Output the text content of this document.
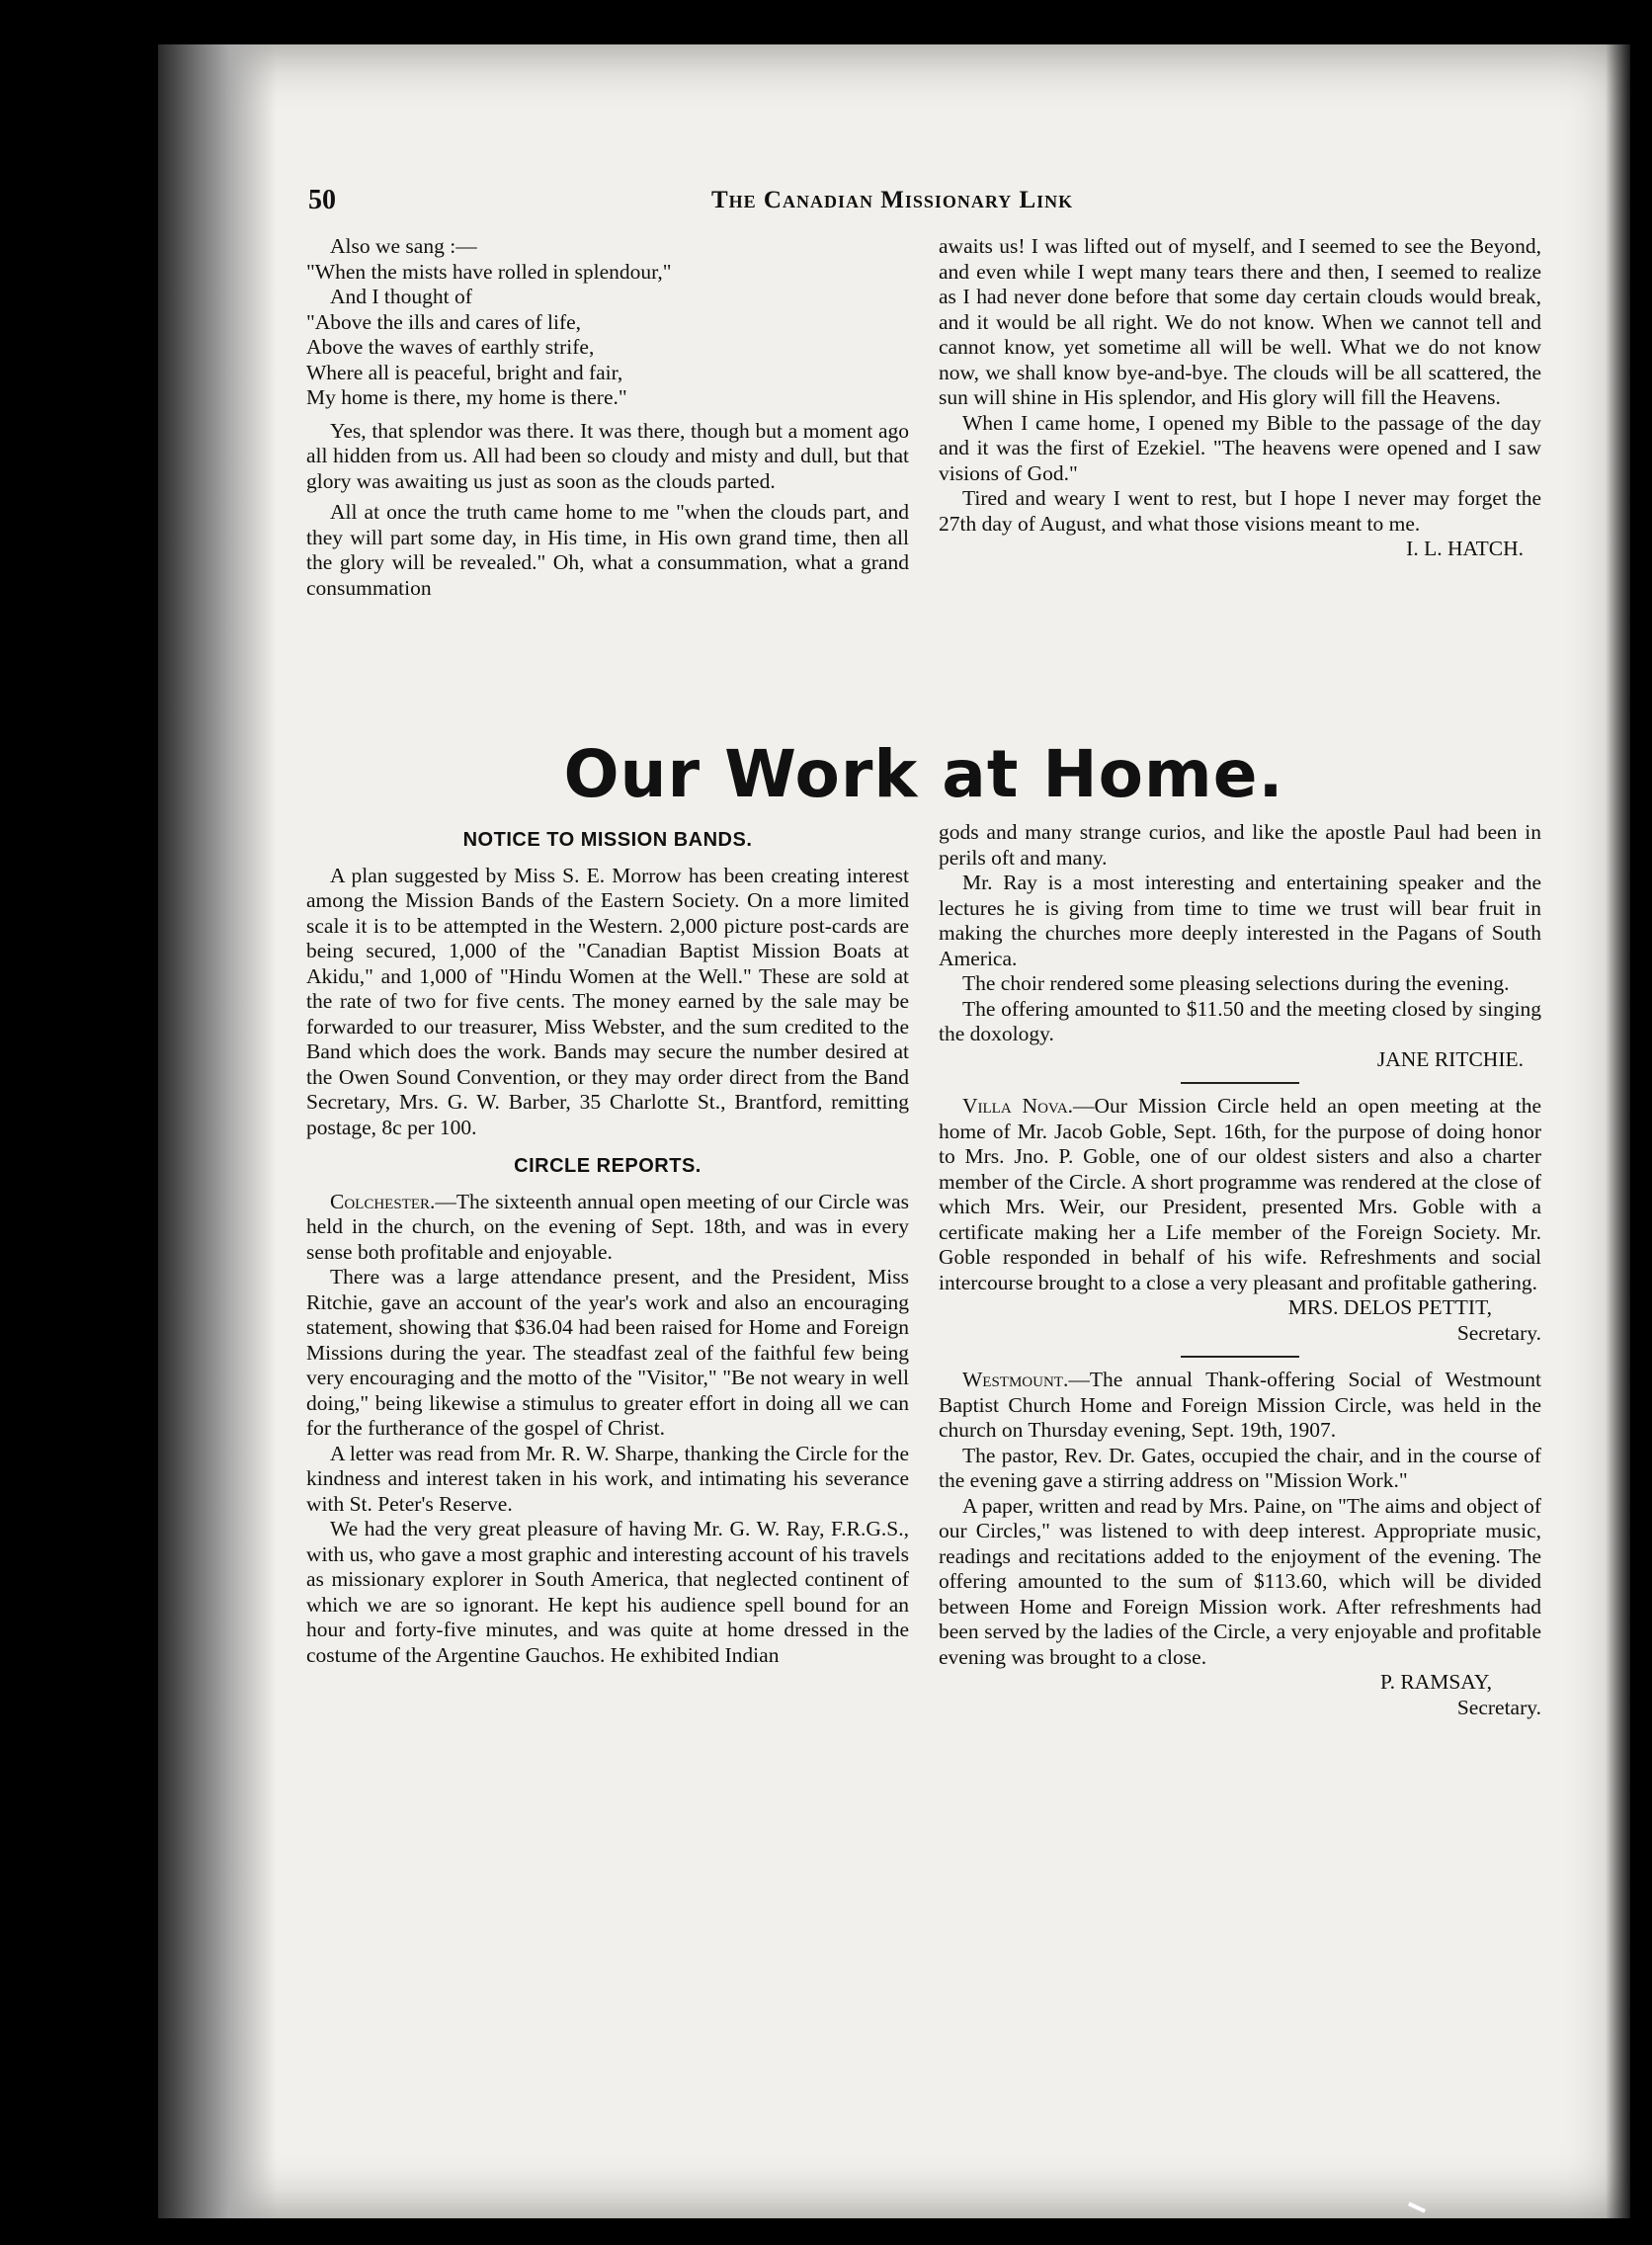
50	The Canadian Missionary Link

Also we sang :—

"When the mists have rolled in splendour,"

And I thought of

"Above the ills and cares of life,

Above the waves of earthly strife,

Where all is peaceful, bright and fair,

My home is there, my home is there."

Yes, that splendor was there. It was there, though but a moment ago all hidden from us. All had been so cloudy and misty and dull, but that glory was awaiting us just as soon as the clouds parted.

All at once the truth came home to me "when the clouds part, and they will part some day, in His time, in His own grand time, then all the glory will be revealed." Oh, what a consummation, what a grand consummation

awaits us! I was lifted out of myself, and I seemed to see the Beyond, and even while I wept many tears there and then, I seemed to realize as I had never done before that some day certain clouds would break, and it would be all right. We do not know. When we cannot tell and cannot know, yet sometime all will be well. What we do not know now, we shall know bye-and-bye. The clouds will be all scattered, the sun will shine in His splendor, and His glory will fill the Heavens.

When I came home, I opened my Bible to the passage of the day and it was the first of Ezekiel. "The heavens were opened and I saw visions of God."

Tired and weary I went to rest, but I hope I never may forget the 27th day of August, and what those visions meant to me.

I. L. HATCH.

Our Work at Home.
NOTICE TO MISSION BANDS.

A plan suggested by Miss S. E. Morrow has been creating interest among the Mission Bands of the Eastern Society. On a more limited scale it is to be attempted in the Western. 2,000 picture post-cards are being secured, 1,000 of the "Canadian Baptist Mission Boats at Akidu," and 1,000 of "Hindu Women at the Well." These are sold at the rate of two for five cents. The money earned by the sale may be forwarded to our treasurer, Miss Webster, and the sum credited to the Band which does the work. Bands may secure the number desired at the Owen Sound Convention, or they may order direct from the Band Secretary, Mrs. G. W. Barber, 35 Charlotte St., Brantford, remitting postage, 8c per 100.

CIRCLE REPORTS.

Colchester.—The sixteenth annual open meeting of our Circle was held in the church, on the evening of Sept. 18th, and was in every sense both profitable and enjoyable.

There was a large attendance present, and the President, Miss Ritchie, gave an account of the year's work and also an encouraging statement, showing that $36.04 had been raised for Home and Foreign Missions during the year. The steadfast zeal of the faithful few being very encouraging and the motto of the "Visitor," "Be not weary in well doing," being likewise a stimulus to greater effort in doing all we can for the furtherance of the gospel of Christ.

A letter was read from Mr. R. W. Sharpe, thanking the Circle for the kindness and interest taken in his work, and intimating his severance with St. Peter's Reserve.

We had the very great pleasure of having Mr. G. W. Ray, F.R.G.S., with us, who gave a most graphic and interesting account of his travels as missionary explorer in South America, that neglected continent of which we are so ignorant. He kept his audience spell bound for an hour and forty-five minutes, and was quite at home dressed in the costume of the Argentine Gauchos. He exhibited Indian

gods and many strange curios, and like the apostle Paul had been in perils oft and many.

Mr. Ray is a most interesting and entertaining speaker and the lectures he is giving from time to time we trust will bear fruit in making the churches more deeply interested in the Pagans of South America.

The choir rendered some pleasing selections during the evening.

The offering amounted to $11.50 and the meeting closed by singing the doxology.

JANE RITCHIE.

Villa Nova.—Our Mission Circle held an open meeting at the home of Mr. Jacob Goble, Sept. 16th, for the purpose of doing honor to Mrs. Jno. P. Goble, one of our oldest sisters and also a charter member of the Circle. A short programme was rendered at the close of which Mrs. Weir, our President, presented Mrs. Goble with a certificate making her a Life member of the Foreign Society. Mr. Goble responded in behalf of his wife. Refreshments and social intercourse brought to a close a very pleasant and profitable gathering.

MRS. DELOS PETTIT,

Secretary.

Westmount.—The annual Thank-offering Social of Westmount Baptist Church Home and Foreign Mission Circle, was held in the church on Thursday evening, Sept. 19th, 1907.

The pastor, Rev. Dr. Gates, occupied the chair, and in the course of the evening gave a stirring address on "Mission Work."

A paper, written and read by Mrs. Paine, on "The aims and object of our Circles," was listened to with deep interest. Appropriate music, readings and recitations added to the enjoyment of the evening. The offering amounted to the sum of $113.60, which will be divided between Home and Foreign Mission work. After refreshments had been served by the ladies of the Circle, a very enjoyable and profitable evening was brought to a close.

P. RAMSAY,

Secretary.
